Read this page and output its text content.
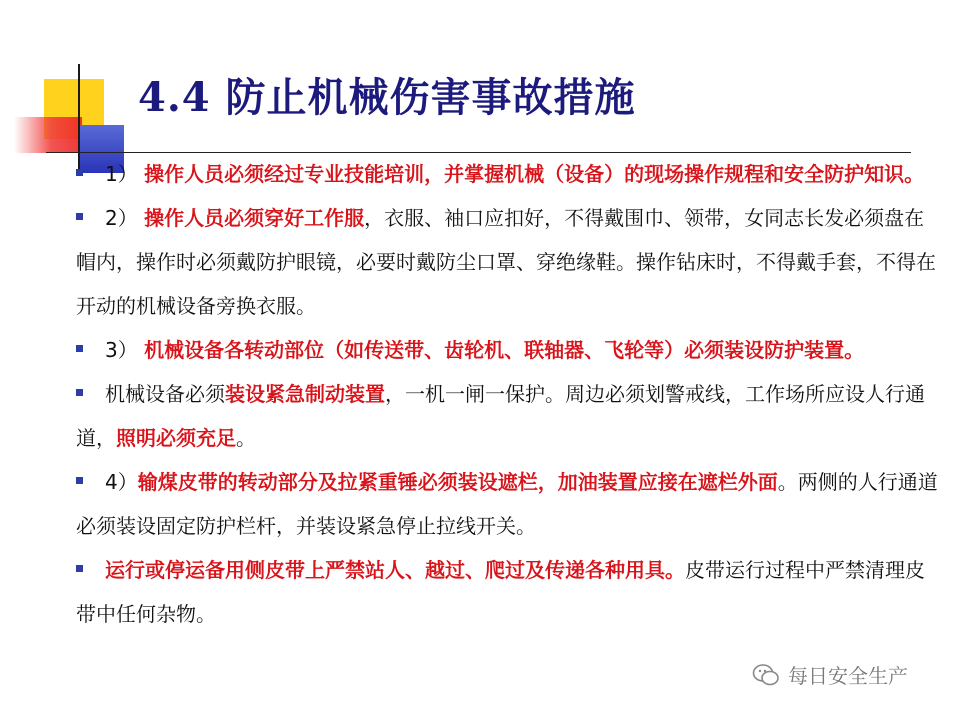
4.4 防止机械伤害事故措施
1） 操作人员必须经过专业技能培训，并掌握机械（设备）的现场操作规程和安全防护知识。
2） 操作人员必须穿好工作服，衣服、袖口应扣好，不得戴围巾、领带，女同志长发必须盘在帽内，操作时必须戴防护眼镜，必要时戴防尘口罩、穿绝缘鞋。操作钻床时，不得戴手套，不得在开动的机械设备旁换衣服。
3） 机械设备各转动部位（如传送带、齿轮机、联轴器、飞轮等）必须装设防护装置。
机械设备必须装设紧急制动装置，一机一闸一保护。周边必须划警戒线，工作场所应设人行通道，照明必须充足。
4）输煤皮带的转动部分及拉紧重锤必须装设遮栏，加油装置应接在遮栏外面。两侧的人行通道必须装设固定防护栏杆，并装设紧急停止拉线开关。
运行或停运备用侧皮带上严禁站人、越过、爬过及传递各种用具。皮带运行过程中严禁清理皮带中任何杂物。
每日安全生产
